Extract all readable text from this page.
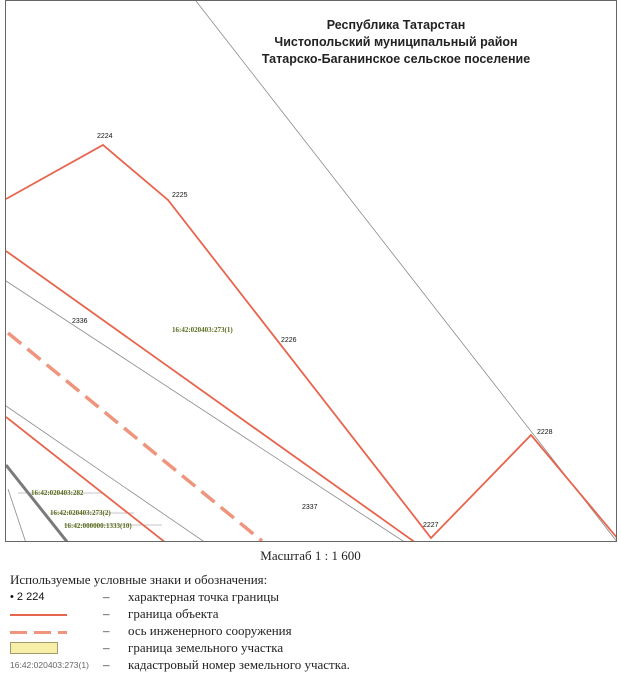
2224
2225
2226
2227
2228
2336
2337
16:42:020403:273(1)
16:42:020403:282
16:42:020403:273(2)
16:42:000000:1333(10)
Республика Татарстан
Чистопольский муниципальный район
Татарско-Баганинское сельское поселение
Масштаб 1 : 1 600
Используемые условные знаки и обозначения:
• 2 224	– характерная точка границы
– граница объекта
– ось инженерного сооружения
– граница земельного участка
16:42:020403:273(1)	– кадастровый номер земельного участка.
